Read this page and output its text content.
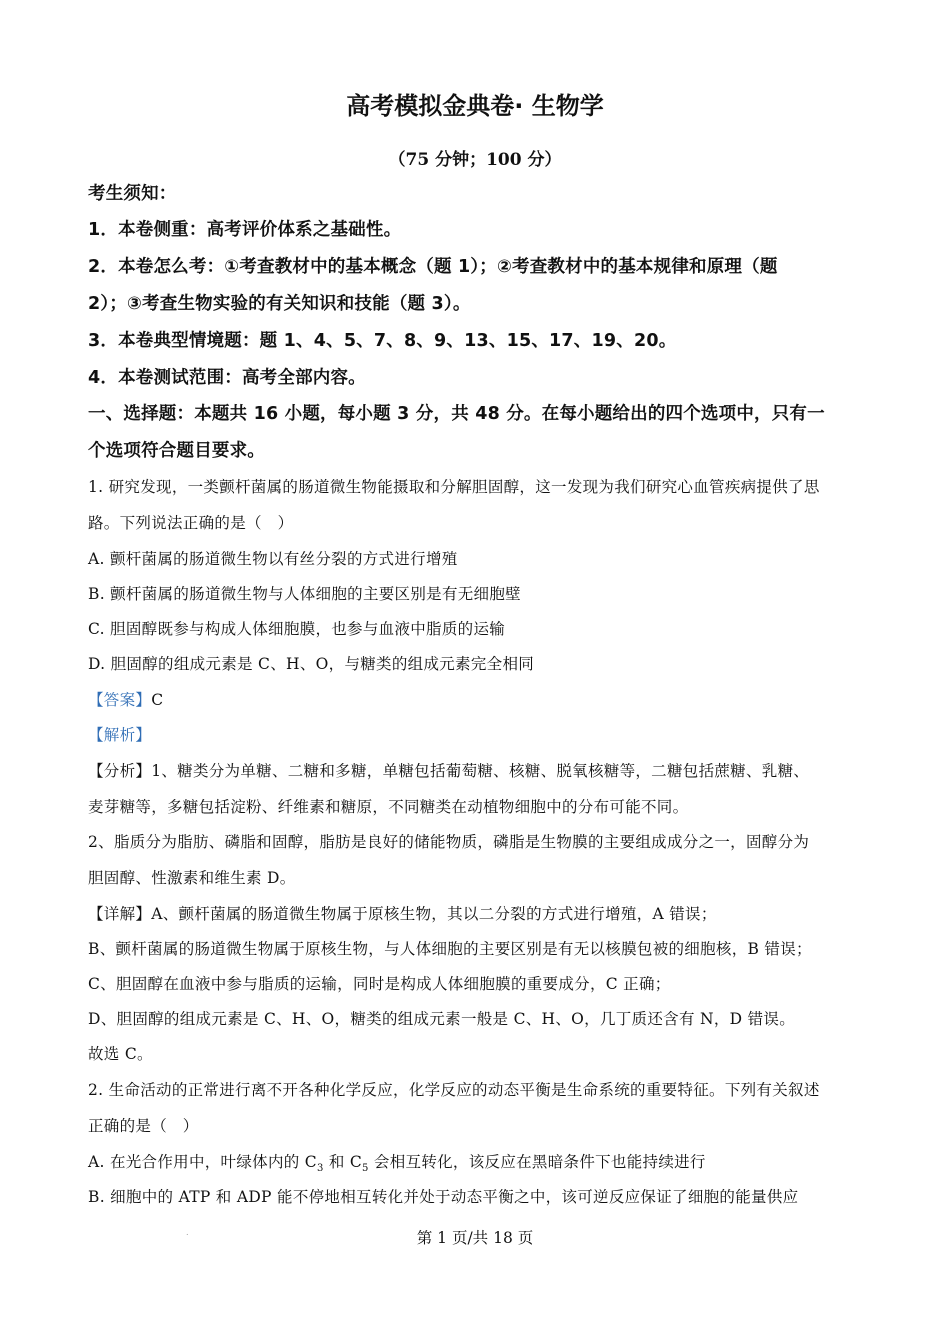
高考模拟金典卷· 生物学
（75 分钟；100 分）
考生须知：
1．本卷侧重：高考评价体系之基础性。
2．本卷怎么考：①考查教材中的基本概念（题 1）；②考查教材中的基本规律和原理（题
2）；③考查生物实验的有关知识和技能（题 3）。
3．本卷典型情境题：题 1、4、5、7、8、9、13、15、17、19、20。
4．本卷测试范围：高考全部内容。
一、选择题：本题共 16 小题，每小题 3 分，共 48 分。在每小题给出的四个选项中，只有一
个选项符合题目要求。
1. 研究发现，一类颤杆菌属的肠道微生物能摄取和分解胆固醇，这一发现为我们研究心血管疾病提供了思
路。下列说法正确的是（　）
A. 颤杆菌属的肠道微生物以有丝分裂的方式进行增殖
B. 颤杆菌属的肠道微生物与人体细胞的主要区别是有无细胞壁
C. 胆固醇既参与构成人体细胞膜，也参与血液中脂质的运输
D. 胆固醇的组成元素是 C、H、O，与糖类的组成元素完全相同
【答案】C
【解析】
【分析】1、糖类分为单糖、二糖和多糖，单糖包括葡萄糖、核糖、脱氧核糖等，二糖包括蔗糖、乳糖、
麦芽糖等，多糖包括淀粉、纤维素和糖原，不同糖类在动植物细胞中的分布可能不同。
2、脂质分为脂肪、磷脂和固醇，脂肪是良好的储能物质，磷脂是生物膜的主要组成成分之一，固醇分为
胆固醇、性激素和维生素 D。
【详解】A、颤杆菌属的肠道微生物属于原核生物，其以二分裂的方式进行增殖，A 错误；
B、颤杆菌属的肠道微生物属于原核生物，与人体细胞的主要区别是有无以核膜包被的细胞核，B 错误；
C、胆固醇在血液中参与脂质的运输，同时是构成人体细胞膜的重要成分，C 正确；
D、胆固醇的组成元素是 C、H、O，糖类的组成元素一般是 C、H、O，几丁质还含有 N，D 错误。
故选 C。
2. 生命活动的正常进行离不开各种化学反应，化学反应的动态平衡是生命系统的重要特征。下列有关叙述
正确的是（　）
A. 在光合作用中，叶绿体内的 $C_3$ 和 $C_5$ 会相互转化，该反应在黑暗条件下也能持续进行
B. 细胞中的 ATP 和 ADP 能不停地相互转化并处于动态平衡之中，该可逆反应保证了细胞的能量供应
.	第 1 页/共 18 页
